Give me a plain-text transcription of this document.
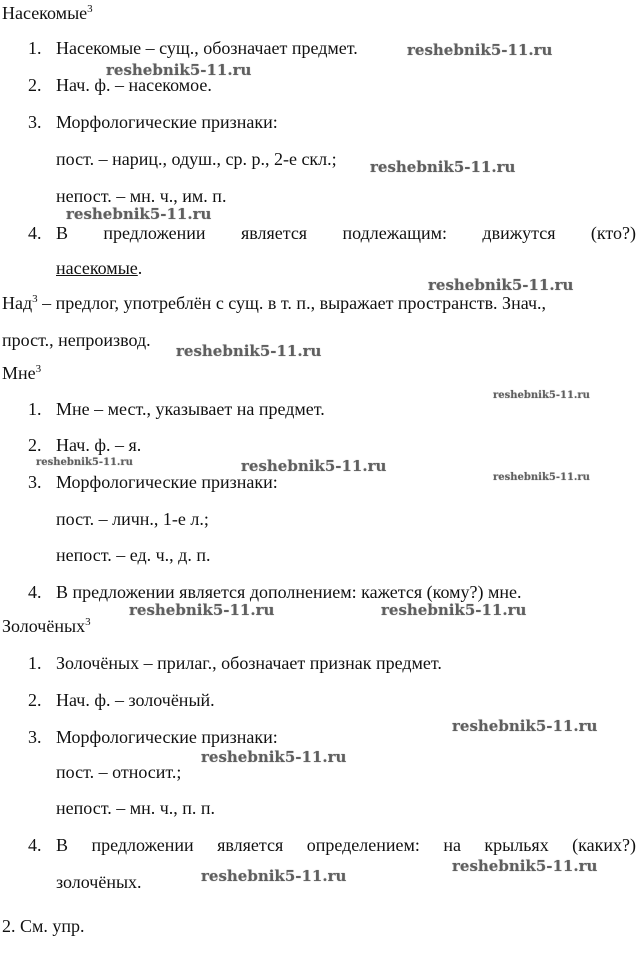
Насекомые$^3$
1. Насекомые – сущ., обозначает предмет.
2. Нач. ф. – насекомое.
3. Морфологические признаки:
пост. – нариц., одуш., ср. р., 2-е скл.;
непост. – мн. ч., им. п.
4. В предложении является подлежащим: движутся (кто?)
насекомые.
Над$^3$ – предлог, употреблён с сущ. в т. п., выражает пространств. Знач.,
прост., непроизвод.
Мне$^3$
1. Мне – мест., указывает на предмет.
2. Нач. ф. – я.
3. Морфологические признаки:
пост. – личн., 1-е л.;
непост. – ед. ч., д. п.
4. В предложении является дополнением: кажется (кому?) мне.
Золочёных$^3$
1. Золочёных – прилаг., обозначает признак предмет.
2. Нач. ф. – золочёный.
3. Морфологические признаки:
пост. – относит.;
непост. – мн. ч., п. п.
4. В предложении является определением: на крыльях (каких?)
золочёных.
2. См. упр.
reshebnik5-11.ru
reshebnik5-11.ru
reshebnik5-11.ru
reshebnik5-11.ru
reshebnik5-11.ru
reshebnik5-11.ru
reshebnik5-11.ru
reshebnik5-11.ru	reshebnik5-11.ru
reshebnik5-11.ru
reshebnik5-11.ru	reshebnik5-11.ru
reshebnik5-11.ru
reshebnik5-11.ru
reshebnik5-11.ru
reshebnik5-11.ru
